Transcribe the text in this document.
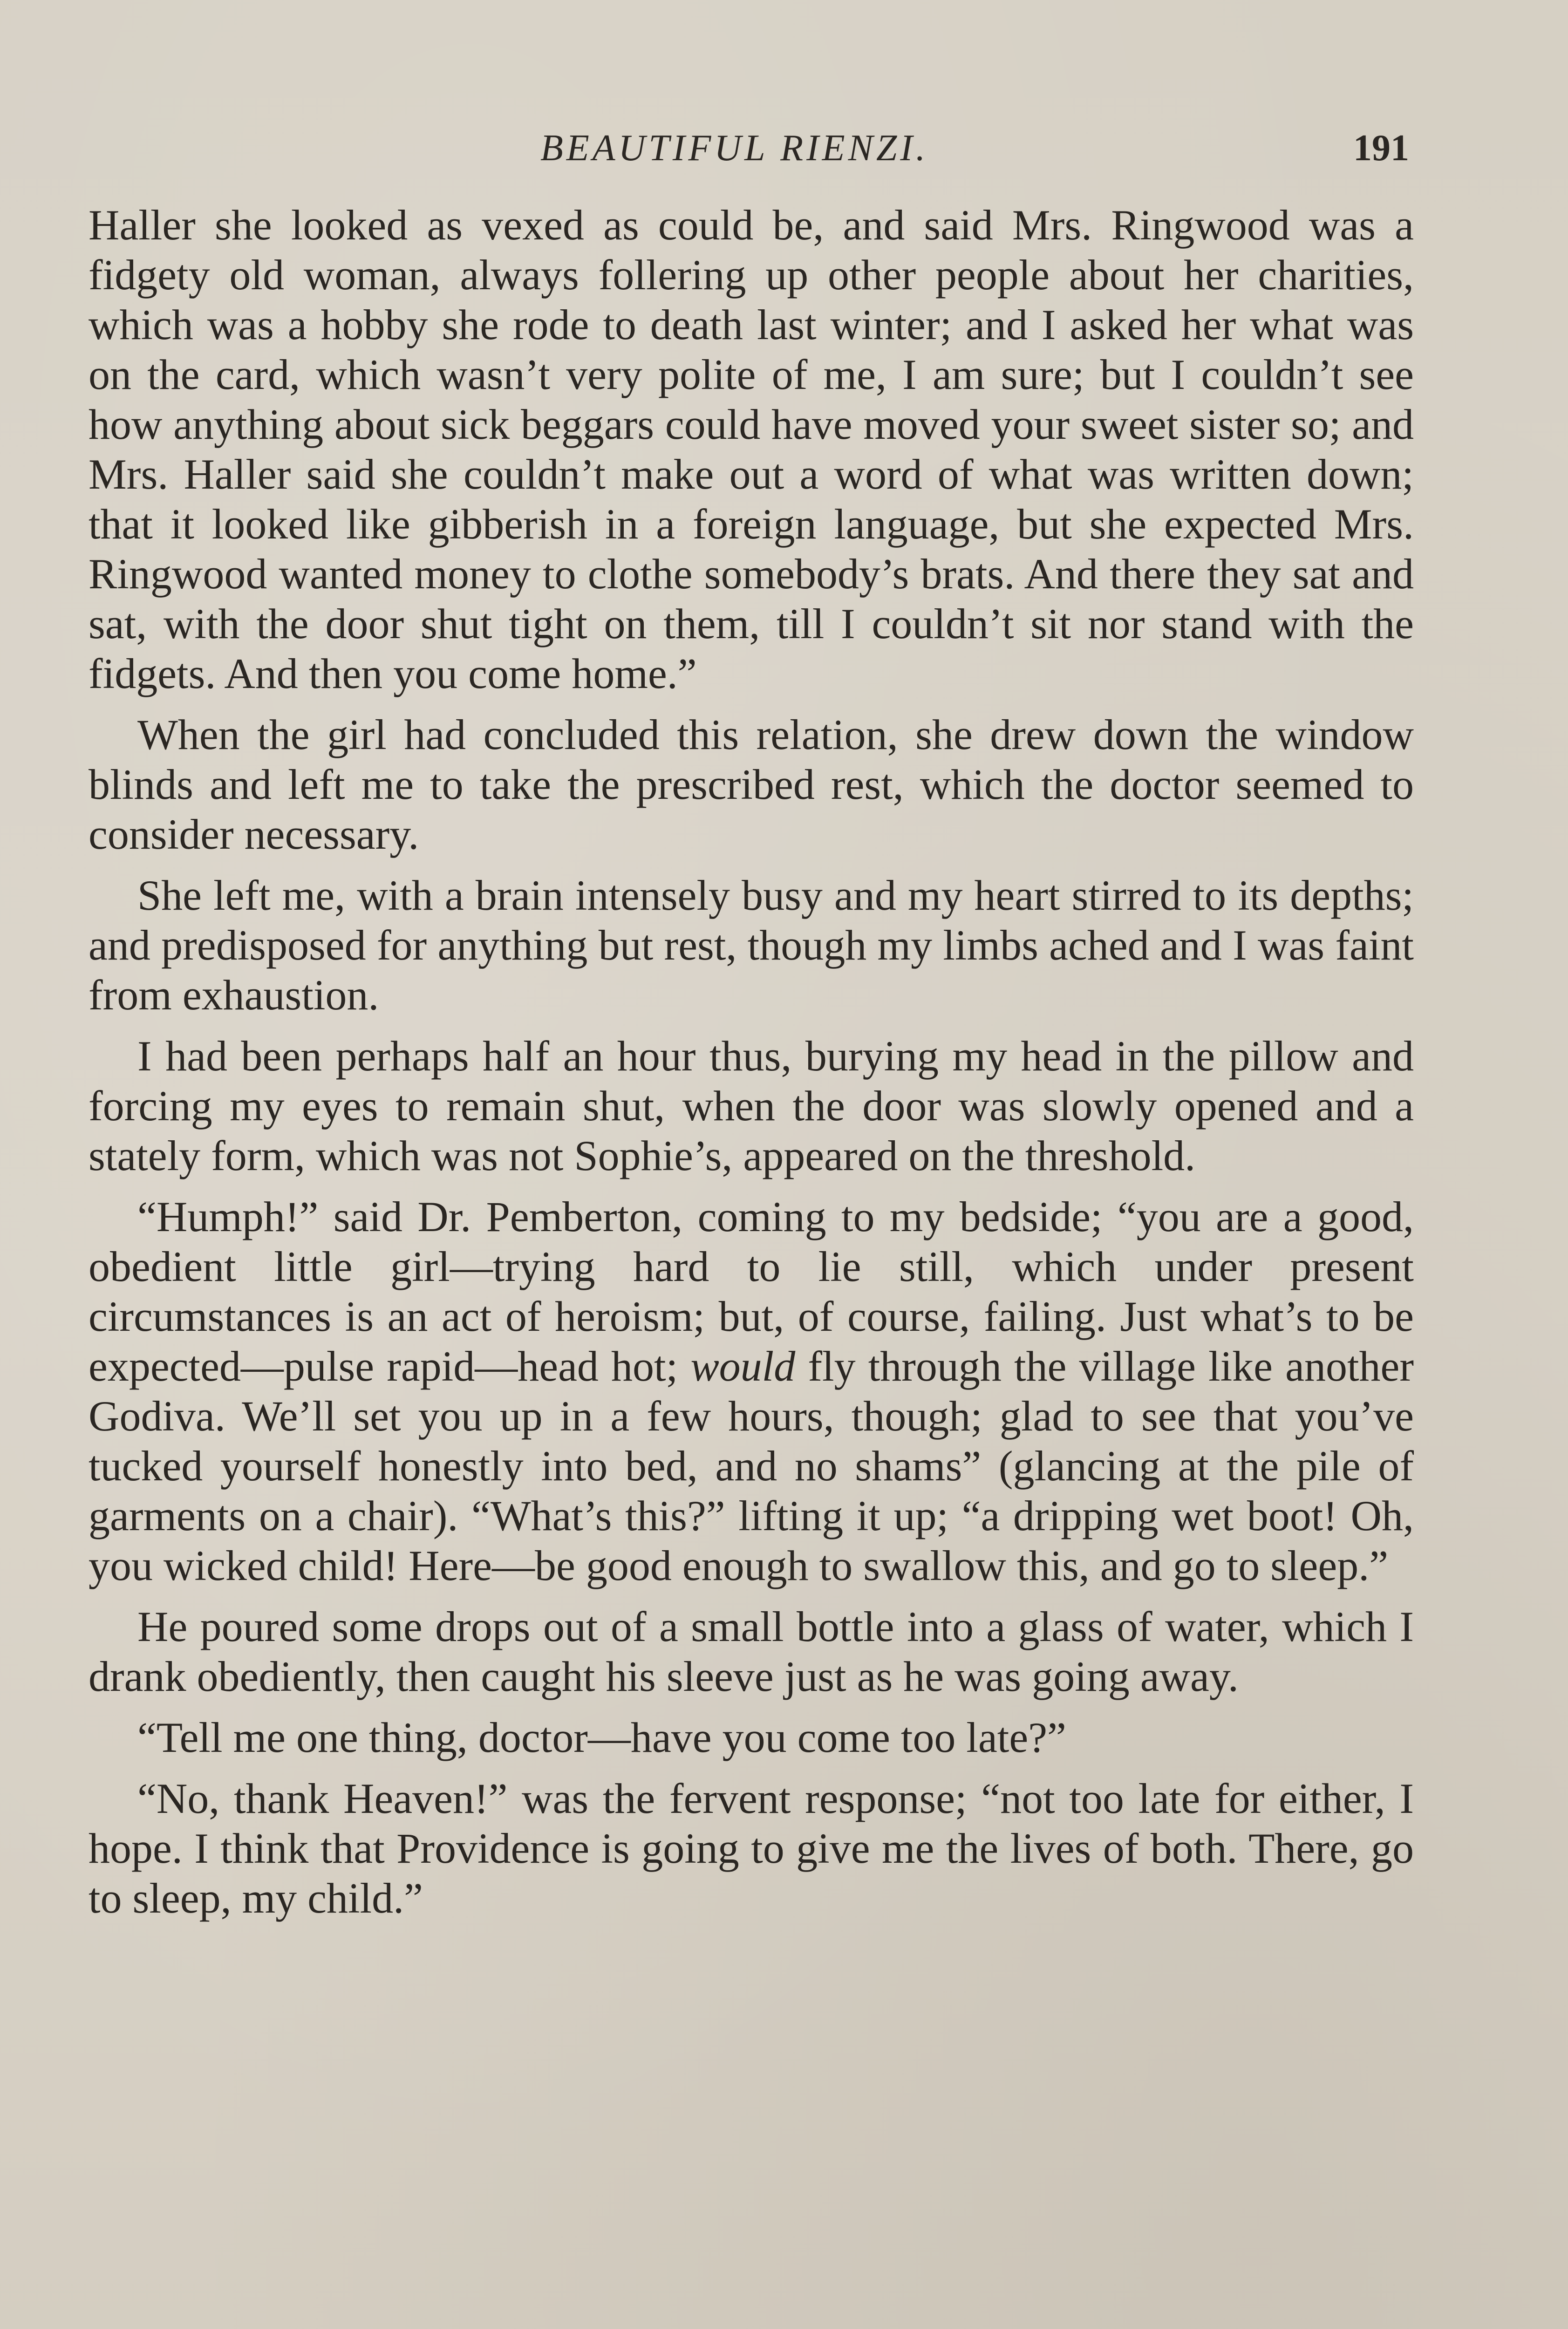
BEAUTIFUL RIENZI.	191

Haller she looked as vexed as could be, and said Mrs. Ringwood was a fidgety old woman, always follering up other people about her charities, which was a hobby she rode to death last winter; and I asked her what was on the card, which wasn’t very polite of me, I am sure; but I couldn’t see how anything about sick beggars could have moved your sweet sister so; and Mrs. Haller said she couldn’t make out a word of what was written down; that it looked like gibberish in a foreign language, but she expected Mrs. Ringwood wanted money to clothe somebody’s brats. And there they sat and sat, with the door shut tight on them, till I couldn’t sit nor stand with the fidgets. And then you come home.”

When the girl had concluded this relation, she drew down the window blinds and left me to take the prescribed rest, which the doctor seemed to consider necessary.

She left me, with a brain intensely busy and my heart stirred to its depths; and predisposed for anything but rest, though my limbs ached and I was faint from exhaustion.

I had been perhaps half an hour thus, burying my head in the pillow and forcing my eyes to remain shut, when the door was slowly opened and a stately form, which was not Sophie’s, appeared on the threshold.

“Humph!” said Dr. Pemberton, coming to my bedside; “you are a good, obedient little girl—trying hard to lie still, which under present circumstances is an act of heroism; but, of course, failing. Just what’s to be expected—pulse rapid—head hot; would fly through the village like another Godiva. We’ll set you up in a few hours, though; glad to see that you’ve tucked yourself honestly into bed, and no shams” (glancing at the pile of garments on a chair). “What’s this?” lifting it up; “a dripping wet boot! Oh, you wicked child! Here—be good enough to swallow this, and go to sleep.”

He poured some drops out of a small bottle into a glass of water, which I drank obediently, then caught his sleeve just as he was going away.

“Tell me one thing, doctor—have you come too late?”

“No, thank Heaven!” was the fervent response; “not too late for either, I hope. I think that Providence is going to give me the lives of both. There, go to sleep, my child.”
